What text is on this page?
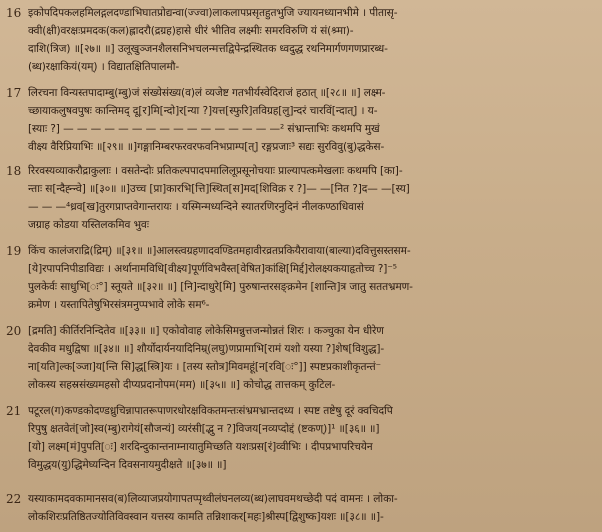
16 इकोपदिपकलहमिलद्गलदण्डाभिघातप्रोद्यन्वा(ज्ज्वा)लाकलापप्रसृतहुतभुजि ज्यायनध्यानभीमे । पीतासृ-
क्वी(क्षी)वरक्षःप्रमदक(कल)ह्लादरौ(द्रग्रह)हासे धीरं भीतिव लक्ष्मीः समरविरुणि यं सं(श्र्मा)-
दाशि(त्रिज) ॥[२७॥ ॥] उलूखुञ्जनशैलसनिभचलन्मत्तद्विपेन्द्रस्थितक ध्वदुद्ध रथनिमार्गणगणप्रारब्ध-
(ब्ध)रक्षाकियं(यम्) । विद्यातक्षितिपालमौ-
17 लिरचना विन्यस्तपादाम्बु(म्बु)जं संख्येसंख्य(व)लं व्यजेष्ट गतभीर्यस्वेदिराजं हठात् ॥[२८॥ ॥] लक्ष्म-
च्छायाकलुषवपुषः कान्तिमद् दू[र]मि[न्दो]र[न्या ?]यत्त[स्फुरि]तविग्रह[लु]न्दरं चारविं[न्दात्] । य-
[स्याः ?] — — — — — — — — — — — — — — — —² संभ्रान्ताभिः कथमपि मुखं
वीक्ष्य वैरिप्रियाभिः ॥[२९॥ ॥]गङ्गानिम्बरफरवरफवनिभप्राम्प[त्] रङ्गप्रजाः³ सद्यः सुरविवु(बु)द्धकेस-
18 रिरवस्यव्याकरौद्राकुलाः । वसतेन्दोः प्रतिकल्पपादपमालिलूप्रसूनोचयाः प्राल्यापत्कमेखलाः कथमपि [का]-
न्ताः स[न्दैह्न्न्वे] ॥[३०॥ ॥]उच्च [प्रा]कारभि[त्ति]स्थित[स]मद[शिविक्र र ?]— —[नित ?]द— —[स्य]
— — —⁴ध्रव[ख]तुरगप्राप्तवेगान्तरायः । यस्मिन्मध्यन्दिने स्यातरणिरनुदिनं नीलकण्ठाधिवासं
जग्राह कोडया यस्तिलकमिव भुवः
19 किंच कालंजराद्रि(द्रिम्) ॥[३१॥ ॥]आलस्त्वग्रहणादवण्डितमहावीरव्रतप्रकियैरावाया(बाल्या)दवित्तुसस्तसम-
[ये]रपापनिपीडाविद्यः । अर्थानामविधि[वीक्ष्य]पूर्णविभवैस्त[वेषित]कांक्षि[मिर्द्द]रोलक्ष्यकयाहृतोच्च ?]⁻⁵
पुलकेर्वः साधुभि[ः°] स्तूयते ॥[३२॥ ॥] [नि]न्दाधुरे[मि] पुरुषान्तरसङ्क्रमेन [शान्ति]त्र जातु सततभ्रमण-
क्रमेण । यस्तापितेषुभिरसंत्रमनुप्पभावे लोके सम⁶-
20 [द्रमति] कीर्तिरनिन्दितेव ॥[३३॥ ॥] एकोवोवाह लोकेसिमन्नुत्तजन्मोन्नतं शिरः । कञ्चुका येन धीरेण
देवकीव मधुद्विषा ॥[३४॥ ॥] शौर्योदार्यनयादिनिम्र्(लघु)णप्रामाभि[रामं यशो यस्या ?]शेष[विशुद्ध]-
ना[यति]ल्क[ञ्जा]य[न्ति सि]द्ध[स्त्रि]यः । [तस्य स्तोत्र]मिवमहूं[न[रवि[ः°]] स्पष्टप्रकाशीकृतन्तं⁻
लोकस्य सहस्रसंख्यमहसो दीप्यप्रदानोपम(मम) ॥[३५॥ ॥] कोचोद्ध तात्तकम् कुटिल-
21 पटूरल(ग)कण्डकोदण्डध्रुचिन्नापातरूपाणरधोरक्षविकतमन्तःसंभ्रमभ्रान्तदध्य । स्पष्ट तष्टेषु दूरं क्वचिदपि
रिपुषु क्षतवेतं[जो]स्व(म्बु)रागेयं[सौजन्यं] व्यरंसी[द्भु न ?]विजय[नव्यप्दोद्दं (ष्टकण्)]¹ ॥[३६॥ ॥]
[यो] लक्ष्म[मं]पुपति[ः] शरदिन्दुकान्तनाम्नायातुमिच्छति यशःप्रस[रं]व्वीभिः । दीपप्रभापरिचयेन
विमुद्धय(यु)द्धिमेघ्यन्दिन दिवसनायमुदीक्षते ॥[३७॥ ॥]
22 यस्याकामदवकामानसव(ब)लिव्याजप्रयोगापतप्पृथ्वीलंघनलव्य(ब्ध)लाघवमथच्छेदी पदं वामनः । लोका-
लोकशिरःप्रतिष्ठितज्योतिविवस्वान यत्तस्य कामति तन्निशाकर[महः]श्रीस्प[द्विशुष्क]यशः ॥[३८॥ ॥]-
